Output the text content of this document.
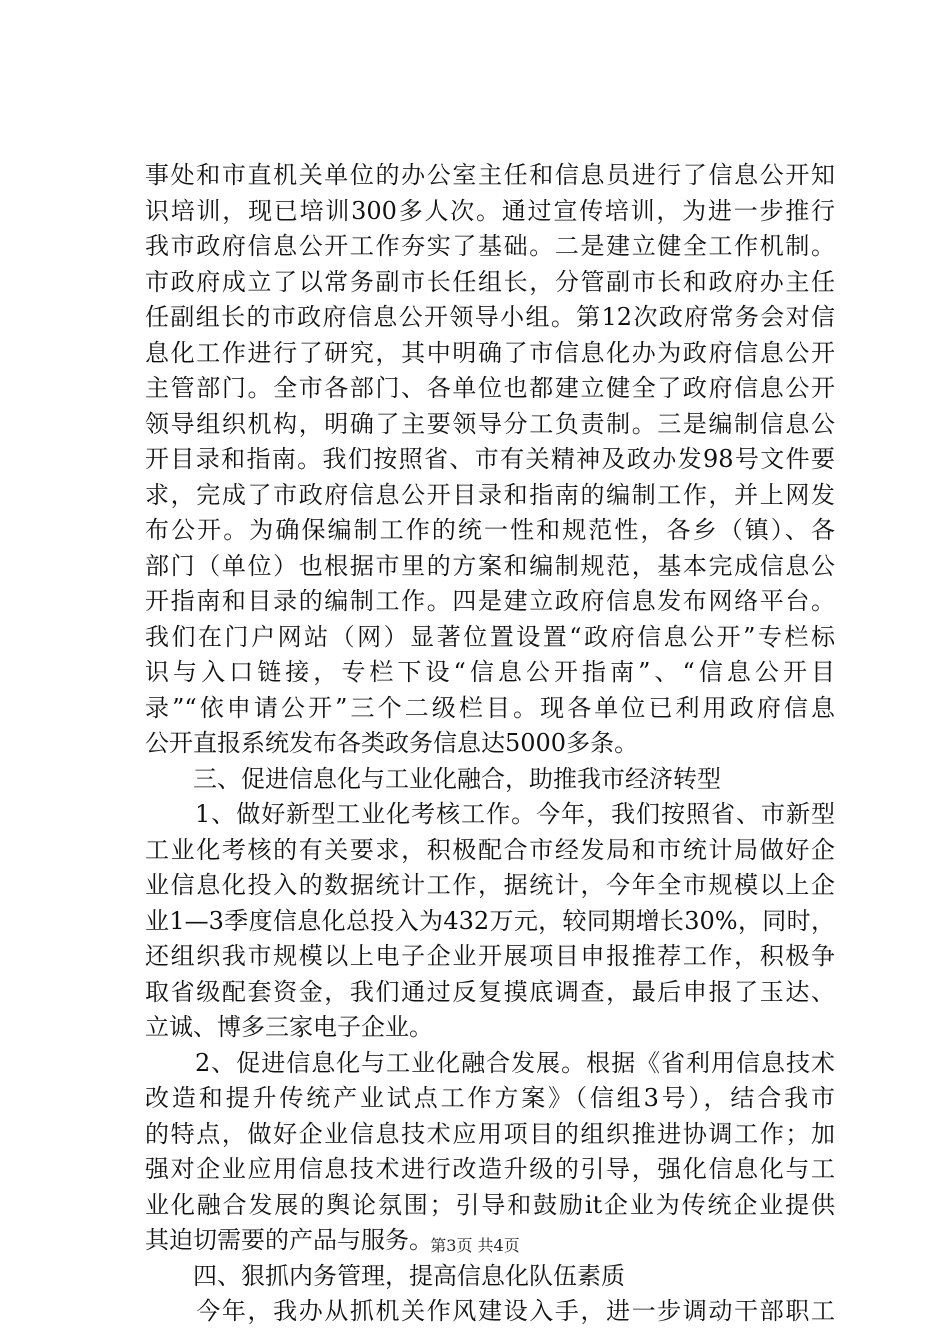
事处和市直机关单位的办公室主任和信息员进行了信息公开知
识培训，现已培训300多人次。通过宣传培训，为进一步推行
我市政府信息公开工作夯实了基础。二是建立健全工作机制。
市政府成立了以常务副市长任组长，分管副市长和政府办主任
任副组长的市政府信息公开领导小组。第12次政府常务会对信
息化工作进行了研究，其中明确了市信息化办为政府信息公开
主管部门。全市各部门、各单位也都建立健全了政府信息公开
领导组织机构，明确了主要领导分工负责制。三是编制信息公
开目录和指南。我们按照省、市有关精神及政办发98号文件要
求，完成了市政府信息公开目录和指南的编制工作，并上网发
布公开。为确保编制工作的统一性和规范性，各乡（镇）、各
部门（单位）也根据市里的方案和编制规范，基本完成信息公
开指南和目录的编制工作。四是建立政府信息发布网络平台。
我们在门户网站（网）显著位置设置“政府信息公开”专栏标
识与入口链接，专栏下设“信息公开指南”、“信息公开目
录”“依申请公开”三个二级栏目。现各单位已利用政府信息
公开直报系统发布各类政务信息达5000多条。
　　三、促进信息化与工业化融合，助推我市经济转型
　　1、做好新型工业化考核工作。今年，我们按照省、市新型
工业化考核的有关要求，积极配合市经发局和市统计局做好企
业信息化投入的数据统计工作，据统计，今年全市规模以上企
业1—3季度信息化总投入为432万元，较同期增长30%，同时，
还组织我市规模以上电子企业开展项目申报推荐工作，积极争
取省级配套资金，我们通过反复摸底调查，最后申报了玉达、
立诚、博多三家电子企业。
　　2、促进信息化与工业化融合发展。根据《省利用信息技术
改造和提升传统产业试点工作方案》（信组3号），结合我市
的特点，做好企业信息技术应用项目的组织推进协调工作；加
强对企业应用信息技术进行改造升级的引导，强化信息化与工
业化融合发展的舆论氛围；引导和鼓励it企业为传统企业提供
其迫切需要的产品与服务。
　　四、狠抓内务管理，提高信息化队伍素质
　　今年，我办从抓机关作风建设入手，进一步调动干部职工
第3页 共4页
